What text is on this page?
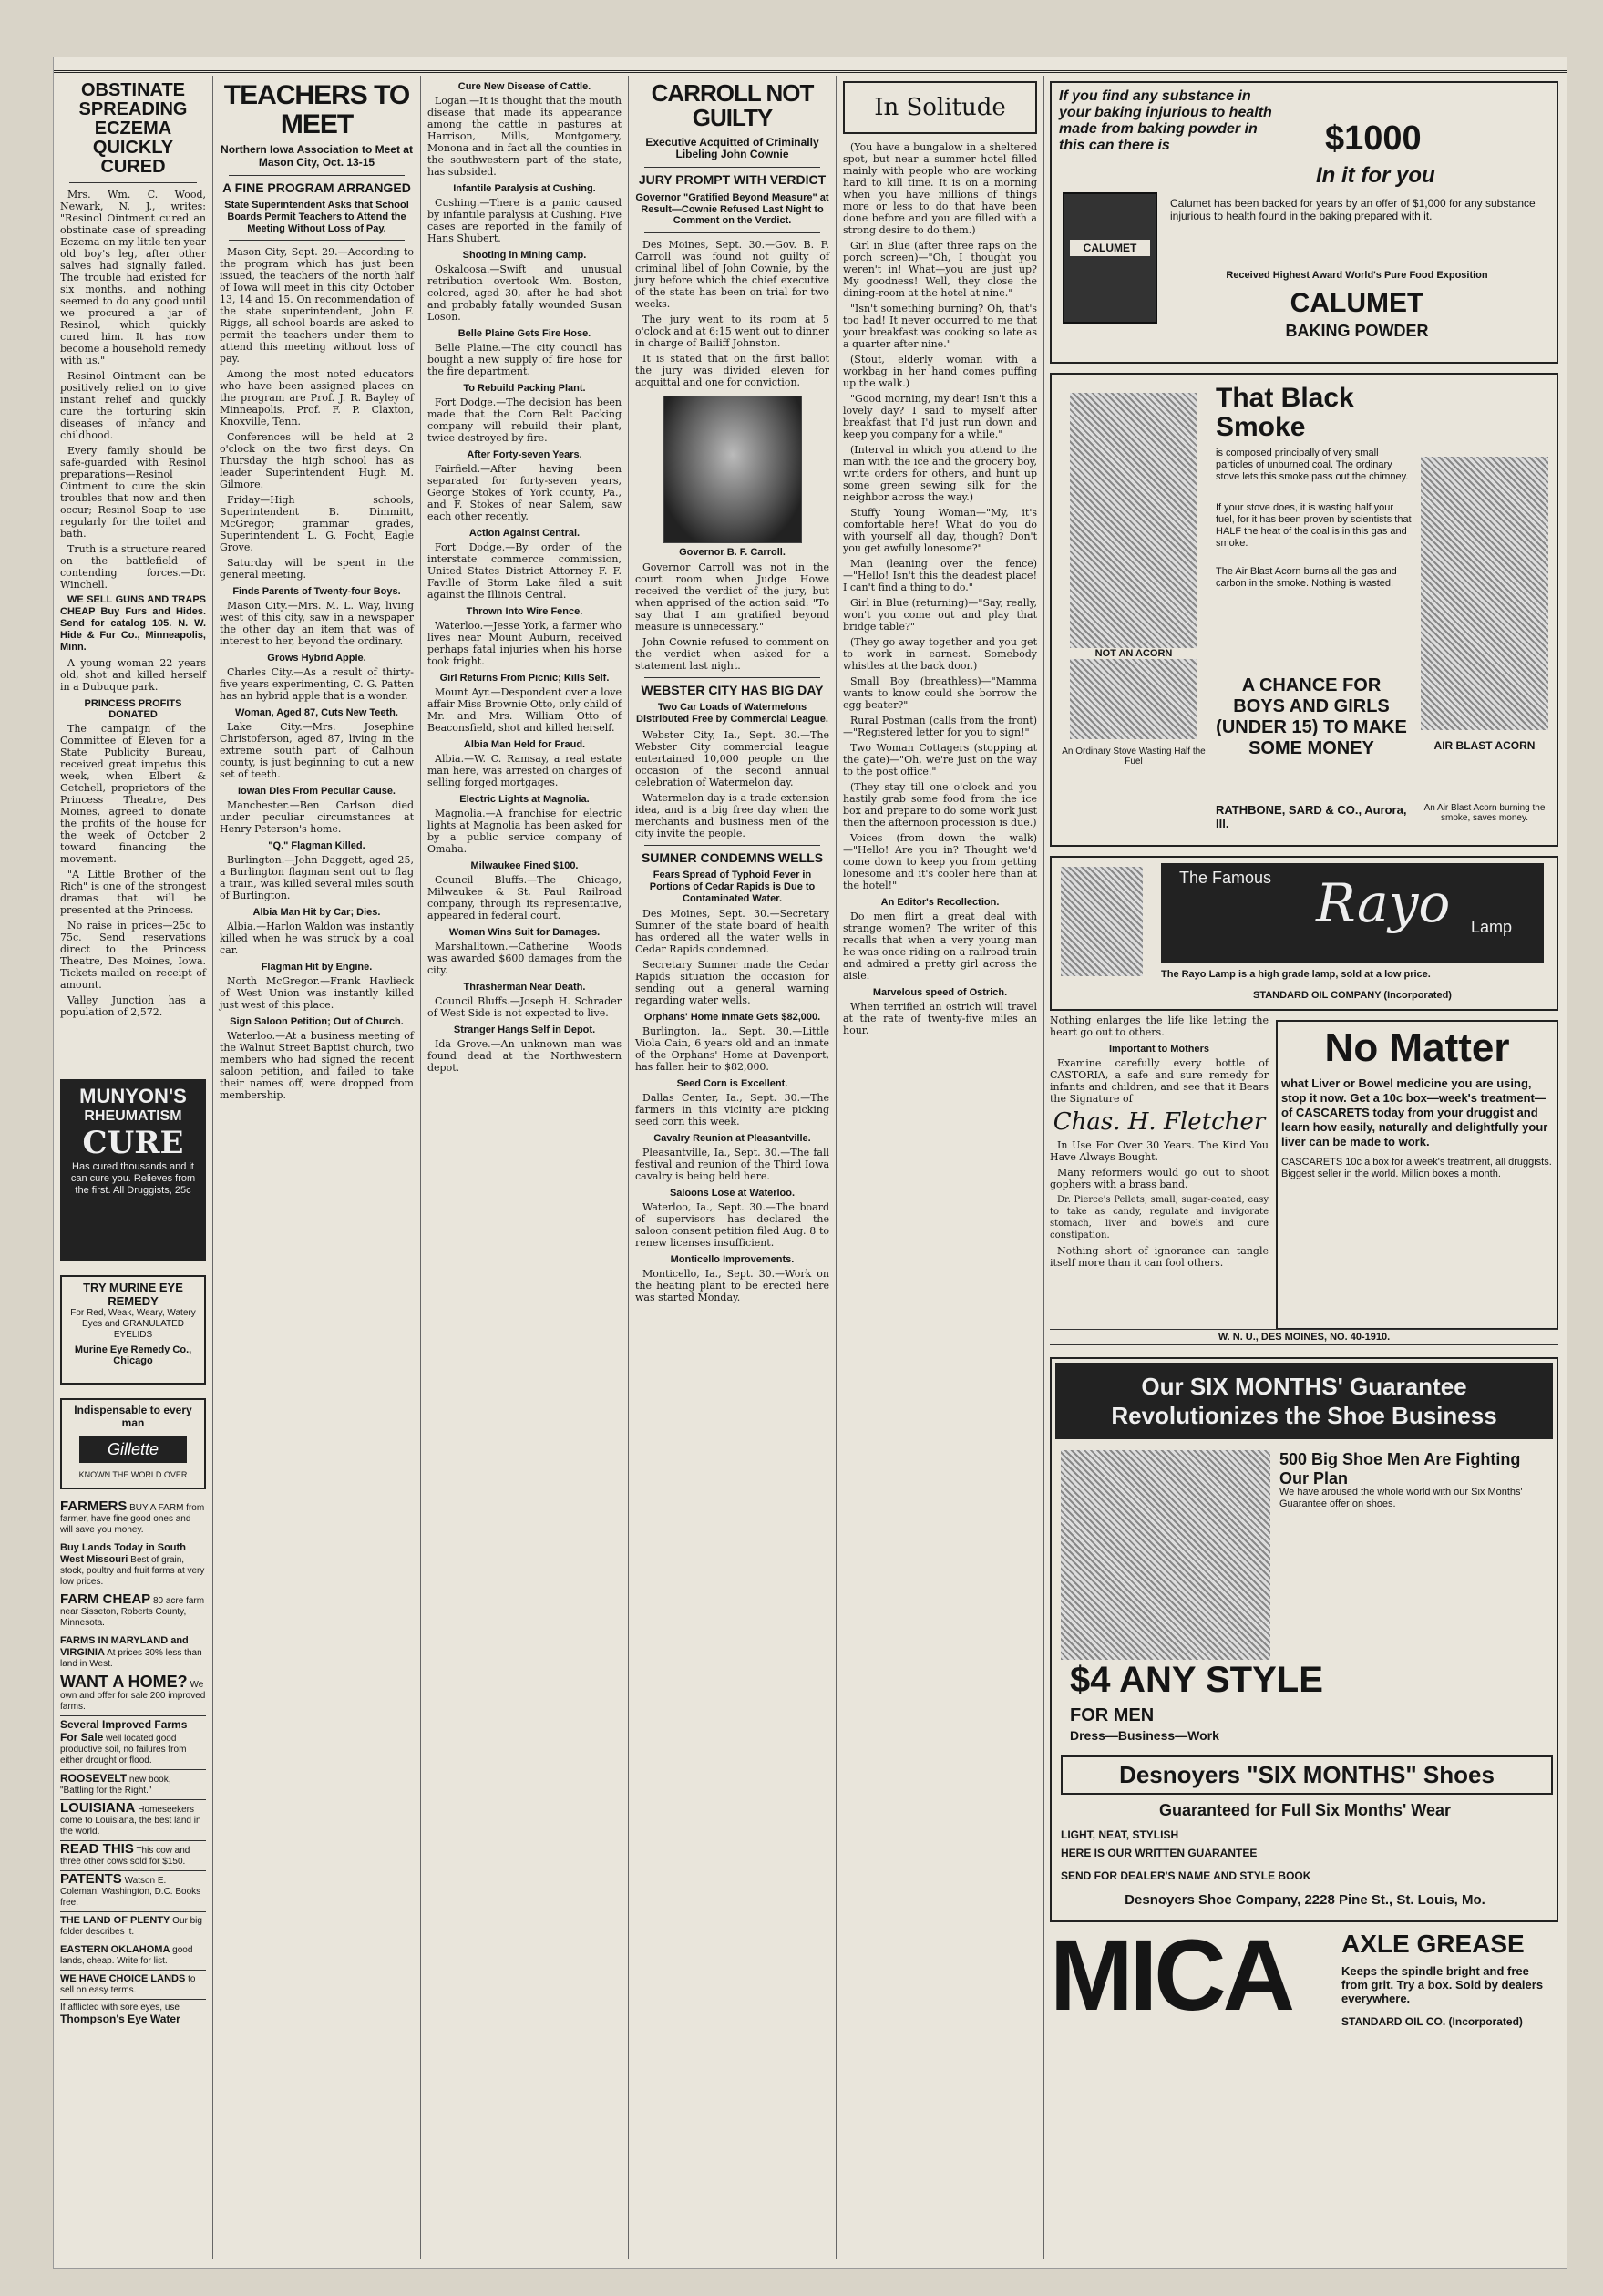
OBSTINATE SPREADING ECZEMA QUICKLY CURED

Mrs. Wm. C. Wood, Newark, N. J., writes: "Resinol Ointment cured an obstinate case of spreading Eczema on my little ten year old boy's leg, after other salves had signally failed. The trouble had existed for six months, and nothing seemed to do any good until we procured a jar of Resinol, which quickly cured him. It has now become a household remedy with us."

Resinol Ointment can be positively relied on to give instant relief and quickly cure the torturing skin diseases of infancy and childhood.

Every family should be safe-guarded with Resinol preparations—Resinol Ointment to cure the skin troubles that now and then occur; Resinol Soap to use regularly for the toilet and bath.

Truth is a structure reared on the battlefield of contending forces.—Dr. Winchell.

WE SELL GUNS AND TRAPS CHEAP Buy Furs and Hides. Send for catalog 105. N. W. Hide & Fur Co., Minneapolis, Minn.

A young woman 22 years old, shot and killed herself in a Dubuque park.

PRINCESS PROFITS DONATED

The campaign of the Committee of Eleven for a State Publicity Bureau, received great impetus this week, when Elbert & Getchell, proprietors of the Princess Theatre, Des Moines, agreed to donate the profits of the house for the week of October 2 toward financing the movement.

"A Little Brother of the Rich" is one of the strongest dramas that will be presented at the Princess.

No raise in prices—25c to 75c. Send reservations direct to the Princess Theatre, Des Moines, Iowa. Tickets mailed on receipt of amount.

Valley Junction has a population of 2,572.

MUNYON'S
RHEUMATISM
CURE
Has cured thousands and it can cure you. Relieves from the first. All Druggists, 25c
TRY MURINE EYE REMEDY
For Red, Weak, Weary, Watery Eyes and GRANULATED EYELIDS
Murine Eye Remedy Co., Chicago
Indispensable to every man
Gillette
KNOWN THE WORLD OVER
FARMERS BUY A FARM from farmer, have fine good ones and will save you money.
Buy Lands Today in South West Missouri Best of grain, stock, poultry and fruit farms at very low prices.
FARM CHEAP 80 acre farm near Sisseton, Roberts County, Minnesota.
FARMS IN MARYLAND and VIRGINIA At prices 30% less than land in West.
WANT A HOME? We own and offer for sale 200 improved farms.
Several Improved Farms For Sale well located good productive soil, no failures from either drought or flood.
ROOSEVELT new book, "Battling for the Right."
LOUISIANA Homeseekers come to Louisiana, the best land in the world.
READ THIS This cow and three other cows sold for $150.
PATENTS Watson E. Coleman, Washington, D.C. Books free.
THE LAND OF PLENTY Our big folder describes it.
EASTERN OKLAHOMA good lands, cheap. Write for list.
WE HAVE CHOICE LANDS to sell on easy terms.
If afflicted with sore eyes, use Thompson's Eye Water
TEACHERS TO MEET
Northern Iowa Association to Meet at Mason City, Oct. 13-15
A FINE PROGRAM ARRANGED
State Superintendent Asks that School Boards Permit Teachers to Attend the Meeting Without Loss of Pay.

Mason City, Sept. 29.—According to the program which has just been issued, the teachers of the north half of Iowa will meet in this city October 13, 14 and 15. On recommendation of the state superintendent, John F. Riggs, all school boards are asked to permit the teachers under them to attend this meeting without loss of pay.

Among the most noted educators who have been assigned places on the program are Prof. J. R. Bayley of Minneapolis, Prof. F. P. Claxton, Knoxville, Tenn.

Conferences will be held at 2 o'clock on the two first days. On Thursday the high school has as leader Superintendent Hugh M. Gilmore.

Friday—High schools, Superintendent B. Dimmitt, McGregor; grammar grades, Superintendent L. G. Focht, Eagle Grove.

Saturday will be spent in the general meeting.

Finds Parents of Twenty-four Boys.

Mason City.—Mrs. M. L. Way, living west of this city, saw in a newspaper the other day an item that was of interest to her, beyond the ordinary.

Grows Hybrid Apple.

Charles City.—As a result of thirty-five years experimenting, C. G. Patten has an hybrid apple that is a wonder.

Woman, Aged 87, Cuts New Teeth.

Lake City.—Mrs. Josephine Christoferson, aged 87, living in the extreme south part of Calhoun county, is just beginning to cut a new set of teeth.

Iowan Dies From Peculiar Cause.

Manchester.—Ben Carlson died under peculiar circumstances at Henry Peterson's home.

"Q." Flagman Killed.

Burlington.—John Daggett, aged 25, a Burlington flagman sent out to flag a train, was killed several miles south of Burlington.

Albia Man Hit by Car; Dies.

Albia.—Harlon Waldon was instantly killed when he was struck by a coal car.

Flagman Hit by Engine.

North McGregor.—Frank Havlieck of West Union was instantly killed just west of this place.

Sign Saloon Petition; Out of Church.

Waterloo.—At a business meeting of the Walnut Street Baptist church, two members who had signed the recent saloon petition, and failed to take their names off, were dropped from membership.

Cure New Disease of Cattle.

Logan.—It is thought that the mouth disease that made its appearance among the cattle in pastures at Harrison, Mills, Montgomery, Monona and in fact all the counties in the southwestern part of the state, has subsided.

Infantile Paralysis at Cushing.

Cushing.—There is a panic caused by infantile paralysis at Cushing. Five cases are reported in the family of Hans Shubert.

Shooting in Mining Camp.

Oskaloosa.—Swift and unusual retribution overtook Wm. Boston, colored, aged 30, after he had shot and probably fatally wounded Susan Loson.

Belle Plaine Gets Fire Hose.

Belle Plaine.—The city council has bought a new supply of fire hose for the fire department.

To Rebuild Packing Plant.

Fort Dodge.—The decision has been made that the Corn Belt Packing company will rebuild their plant, twice destroyed by fire.

After Forty-seven Years.

Fairfield.—After having been separated for forty-seven years, George Stokes of York county, Pa., and F. Stokes of near Salem, saw each other recently.

Action Against Central.

Fort Dodge.—By order of the interstate commerce commission, United States District Attorney F. F. Faville of Storm Lake filed a suit against the Illinois Central.

Thrown Into Wire Fence.

Waterloo.—Jesse York, a farmer who lives near Mount Auburn, received perhaps fatal injuries when his horse took fright.

Girl Returns From Picnic; Kills Self.

Mount Ayr.—Despondent over a love affair Miss Brownie Otto, only child of Mr. and Mrs. William Otto of Beaconsfield, shot and killed herself.

Albia Man Held for Fraud.

Albia.—W. C. Ramsay, a real estate man here, was arrested on charges of selling forged mortgages.

Electric Lights at Magnolia.

Magnolia.—A franchise for electric lights at Magnolia has been asked for by a public service company of Omaha.

Milwaukee Fined $100.

Council Bluffs.—The Chicago, Milwaukee & St. Paul Railroad company, through its representative, appeared in federal court.

Woman Wins Suit for Damages.

Marshalltown.—Catherine Woods was awarded $600 damages from the city.

Thrasherman Near Death.

Council Bluffs.—Joseph H. Schrader of West Side is not expected to live.

Stranger Hangs Self in Depot.

Ida Grove.—An unknown man was found dead at the Northwestern depot.

CARROLL NOT GUILTY
Executive Acquitted of Criminally Libeling John Cownie
JURY PROMPT WITH VERDICT
Governor "Gratified Beyond Measure" at Result—Cownie Refused Last Night to Comment on the Verdict.

Des Moines, Sept. 30.—Gov. B. F. Carroll was found not guilty of criminal libel of John Cownie, by the jury before which the chief executive of the state has been on trial for two weeks.

The jury went to its room at 5 o'clock and at 6:15 went out to dinner in charge of Bailiff Johnston.

It is stated that on the first ballot the jury was divided eleven for acquittal and one for conviction.

Governor B. F. Carroll.

Governor Carroll was not in the court room when Judge Howe received the verdict of the jury, but when apprised of the action said: "To say that I am gratified beyond measure is unnecessary."

John Cownie refused to comment on the verdict when asked for a statement last night.

WEBSTER CITY HAS BIG DAY
Two Car Loads of Watermelons Distributed Free by Commercial League.

Webster City, Ia., Sept. 30.—The Webster City commercial league entertained 10,000 people on the occasion of the second annual celebration of Watermelon day.

Watermelon day is a trade extension idea, and is a big free day when the merchants and business men of the city invite the people.

SUMNER CONDEMNS WELLS
Fears Spread of Typhoid Fever in Portions of Cedar Rapids is Due to Contaminated Water.

Des Moines, Sept. 30.—Secretary Sumner of the state board of health has ordered all the water wells in Cedar Rapids condemned.

Secretary Sumner made the Cedar Rapids situation the occasion for sending out a general warning regarding water wells.

Orphans' Home Inmate Gets $82,000.

Burlington, Ia., Sept. 30.—Little Viola Cain, 6 years old and an inmate of the Orphans' Home at Davenport, has fallen heir to $82,000.

Seed Corn is Excellent.

Dallas Center, Ia., Sept. 30.—The farmers in this vicinity are picking seed corn this week.

Cavalry Reunion at Pleasantville.

Pleasantville, Ia., Sept. 30.—The fall festival and reunion of the Third Iowa cavalry is being held here.

Saloons Lose at Waterloo.

Waterloo, Ia., Sept. 30.—The board of supervisors has declared the saloon consent petition filed Aug. 8 to renew licenses insufficient.

Monticello Improvements.

Monticello, Ia., Sept. 30.—Work on the heating plant to be erected here was started Monday.

In Solitude

(You have a bungalow in a sheltered spot, but near a summer hotel filled mainly with people who are working hard to kill time. It is on a morning when you have millions of things more or less to do that have been done before and you are filled with a strong desire to do them.)

Girl in Blue (after three raps on the porch screen)—"Oh, I thought you weren't in! What—you are just up? My goodness! Well, they close the dining-room at the hotel at nine."

"Isn't something burning? Oh, that's too bad! It never occurred to me that your breakfast was cooking so late as a quarter after nine."

(Stout, elderly woman with a workbag in her hand comes puffing up the walk.)

"Good morning, my dear! Isn't this a lovely day? I said to myself after breakfast that I'd just run down and keep you company for a while."

(Interval in which you attend to the man with the ice and the grocery boy, write orders for others, and hunt up some green sewing silk for the neighbor across the way.)

Stuffy Young Woman—"My, it's comfortable here! What do you do with yourself all day, though? Don't you get awfully lonesome?"

Man (leaning over the fence)—"Hello! Isn't this the deadest place! I can't find a thing to do."

Girl in Blue (returning)—"Say, really, won't you come out and play that bridge table?"

(They go away together and you get to work in earnest. Somebody whistles at the back door.)

Small Boy (breathless)—"Mamma wants to know could she borrow the egg beater?"

Rural Postman (calls from the front)—"Registered letter for you to sign!"

Two Woman Cottagers (stopping at the gate)—"Oh, we're just on the way to the post office."

(They stay till one o'clock and you hastily grab some food from the ice box and prepare to do some work just then the afternoon procession is due.)

Voices (from down the walk)—"Hello! Are you in? Thought we'd come down to keep you from getting lonesome and it's cooler here than at the hotel!"

An Editor's Recollection.

Do men flirt a great deal with strange women? The writer of this recalls that when a very young man he was once riding on a railroad train and admired a pretty girl across the aisle.

Marvelous speed of Ostrich.

When terrified an ostrich will travel at the rate of twenty-five miles an hour.

If you find any substance in your baking injurious to health made from baking powder in this can there is	$1000
In it for you
CALUMET
Calumet has been backed for years by an offer of $1,000 for any substance injurious to health found in the baking prepared with it.
Received Highest Award World's Pure Food Exposition
CALUMET
BAKING POWDER
NOT AN ACORN
An Ordinary Stove Wasting Half the Fuel
That Black Smoke
is composed principally of very small particles of unburned coal. The ordinary stove lets this smoke pass out the chimney.
If your stove does, it is wasting half your fuel, for it has been proven by scientists that HALF the heat of the coal is in this gas and smoke.
The Air Blast Acorn burns all the gas and carbon in the smoke. Nothing is wasted.
A CHANCE FOR BOYS AND GIRLS (UNDER 15) TO MAKE SOME MONEY
RATHBONE, SARD & CO., Aurora, Ill.
AIR BLAST ACORN
An Air Blast Acorn burning the smoke, saves money.
The Famous Rayo Lamp
The Rayo Lamp is a high grade lamp, sold at a low price.
STANDARD OIL COMPANY (Incorporated)

Nothing enlarges the life like letting the heart go out to others.

Important to Mothers

Examine carefully every bottle of CASTORIA, a safe and sure remedy for infants and children, and see that it Bears the Signature of

Chas. H. Fletcher

In Use For Over 30 Years. The Kind You Have Always Bought.

Many reformers would go out to shoot gophers with a brass band.

Dr. Pierce's Pellets, small, sugar-coated, easy to take as candy, regulate and invigorate stomach, liver and bowels and cure constipation.

Nothing short of ignorance can tangle itself more than it can fool others.

No Matter
what Liver or Bowel medicine you are using, stop it now. Get a 10c box—week's treatment—of CASCARETS today from your druggist and learn how easily, naturally and delightfully your liver can be made to work.
CASCARETS 10c a box for a week's treatment, all druggists. Biggest seller in the world. Million boxes a month.
W. N. U., DES MOINES, NO. 40-1910.
Our SIX MONTHS' Guarantee Revolutionizes the Shoe Business
500 Big Shoe Men Are Fighting Our Plan
We have aroused the whole world with our Six Months' Guarantee offer on shoes.
$4 ANY STYLE
FOR MEN
Dress—Business—Work
Desnoyers "SIX MONTHS" Shoes
Guaranteed for Full Six Months' Wear
LIGHT, NEAT, STYLISH
HERE IS OUR WRITTEN GUARANTEE
SEND FOR DEALER'S NAME AND STYLE BOOK
Desnoyers Shoe Company, 2228 Pine St., St. Louis, Mo.
MICA AXLE GREASE
Keeps the spindle bright and free from grit. Try a box. Sold by dealers everywhere.
STANDARD OIL CO. (Incorporated)
